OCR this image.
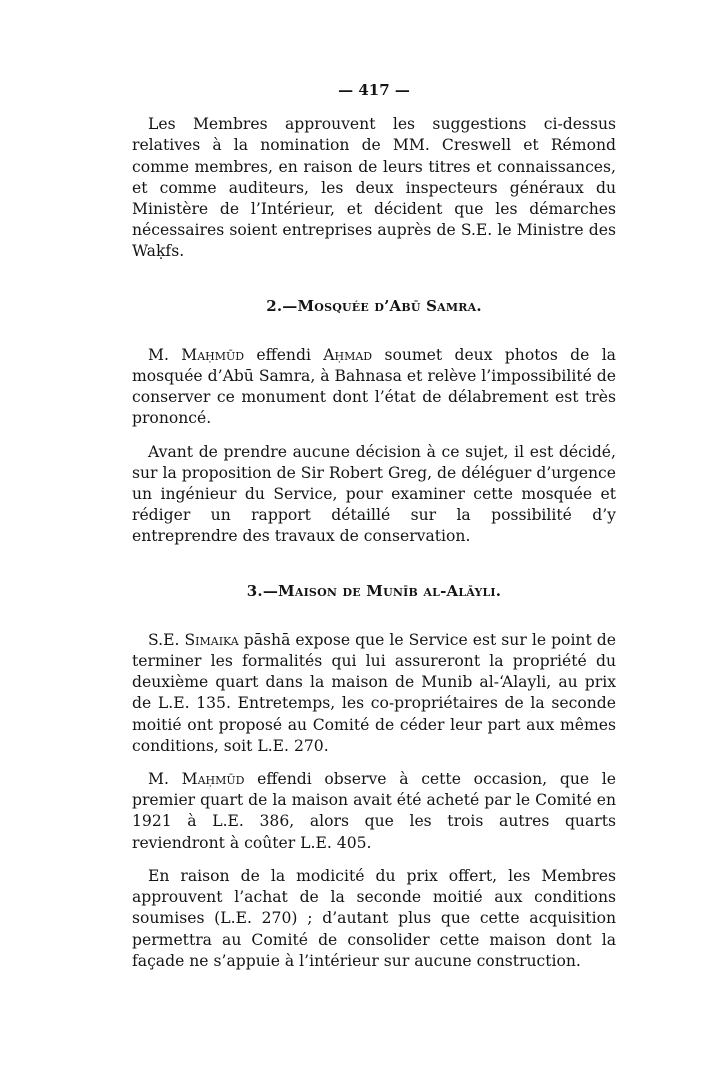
— 417 —

Les Membres approuvent les suggestions ci-dessus relatives à la nomination de MM. Creswell et Rémond comme membres, en raison de leurs titres et connaissances, et comme auditeurs, les deux inspecteurs généraux du Ministère de l’Intérieur, et décident que les démarches nécessaires soient entreprises auprès de S.E. le Ministre des Waḳfs.

2.—Mosquée d’Abū Samra.

M. Maḥmūd effendi Aḥmad soumet deux photos de la mosquée d’Abū Samra, à Bahnasa et relève l’impossibilité de conserver ce monument dont l’état de délabrement est très prononcé.

Avant de prendre aucune décision à ce sujet, il est décidé, sur la proposition de Sir Robert Greg, de déléguer d’urgence un ingénieur du Service, pour examiner cette mosquée et rédiger un rapport détaillé sur la possibilité d’y entreprendre des travaux de conservation.

3.—Maison de Munīb al-Alāyli.

S.E. Simaika pāshā expose que le Service est sur le point de terminer les formalités qui lui assureront la propriété du deuxième quart dans la maison de Munib al-‘Alayli, au prix de L.E. 135. Entretemps, les co-propriétaires de la seconde moitié ont proposé au Comité de céder leur part aux mêmes conditions, soit L.E. 270.

M. Maḥmūd effendi observe à cette occasion, que le premier quart de la maison avait été acheté par le Comité en 1921 à L.E. 386, alors que les trois autres quarts reviendront à coûter L.E. 405.

En raison de la modicité du prix offert, les Membres approuvent l’achat de la seconde moitié aux conditions soumises (L.E. 270) ; d’autant plus que cette acquisition permettra au Comité de consolider cette maison dont la façade ne s’appuie à l’intérieur sur aucune construction.
